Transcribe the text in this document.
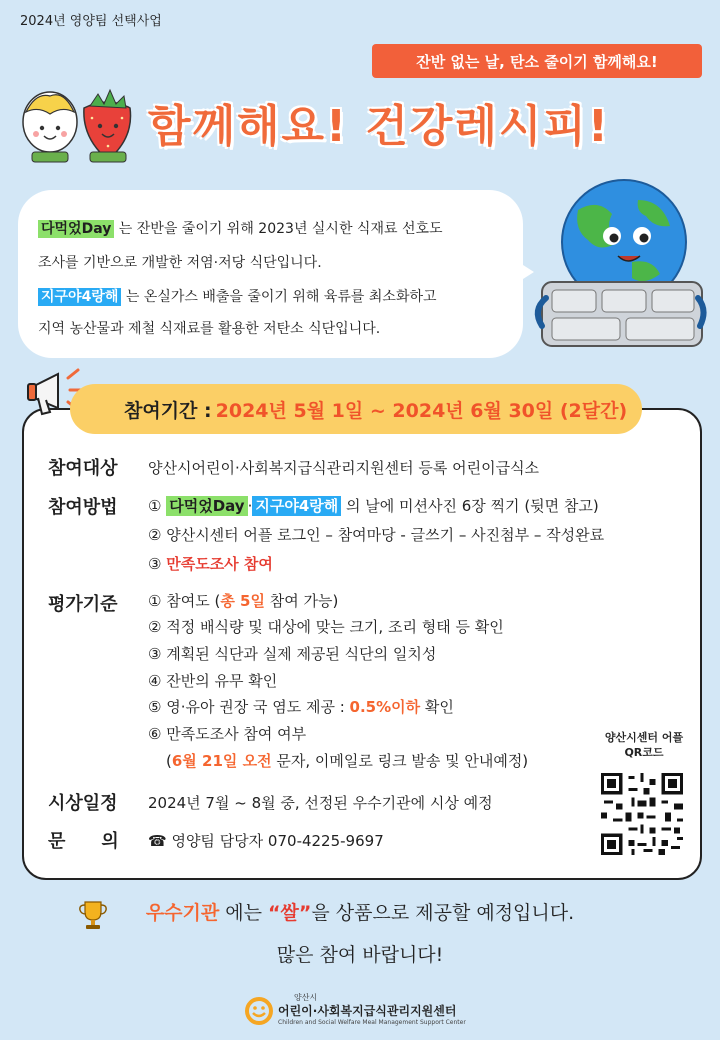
2024년 영양팀 선택사업
잔반 없는 날, 탄소 줄이기 함께해요!
함께해요! 건강레시피!
다먹었Day 는 잔반을 줄이기 위해 2023년 실시한 식재료 선호도
조사를 기반으로 개발한 저염·저당 식단입니다.
지구야4랑해 는 온실가스 배출을 줄이기 위해 육류를 최소화하고
지역 농산물과 제철 식재료를 활용한 저탄소 식단입니다.
참여기간 : 2024년 5월 1일 ~ 2024년 6월 30일 (2달간)
참여대상 양산시어린이·사회복지급식관리지원센터 등록 어린이급식소
참여방법 ① 다먹었Day · 지구야4랑해 의 날에 미션사진 6장 찍기 (뒷면 참고)
② 양산시센터 어플 로그인 – 참여마당 - 글쓰기 – 사진첨부 – 작성완료
③ 만족도조사 참여
평가기준 ① 참여도 (총 5일 참여 가능)
② 적정 배식량 및 대상에 맞는 크기, 조리 형태 등 확인
③ 계획된 식단과 실제 제공된 식단의 일치성
④ 잔반의 유무 확인
⑤ 영·유아 권장 국 염도 제공 : 0.5%이하 확인
⑥ 만족도조사 참여 여부
(6월 21일 오전 문자, 이메일로 링크 발송 및 안내예정)
시상일정 2024년 7월 ~ 8월 중, 선정된 우수기관에 시상 예정
문　　의 ☎ 영양팀 담당자 070-4225-9697
양산시센터 어플
QR코드
우수기관 에는 “쌀”을 상품으로 제공할 예정입니다.
많은 참여 바랍니다!
양산시
어린이·사회복지급식관리지원센터
Children and Social Welfare Meal Management Support Center
